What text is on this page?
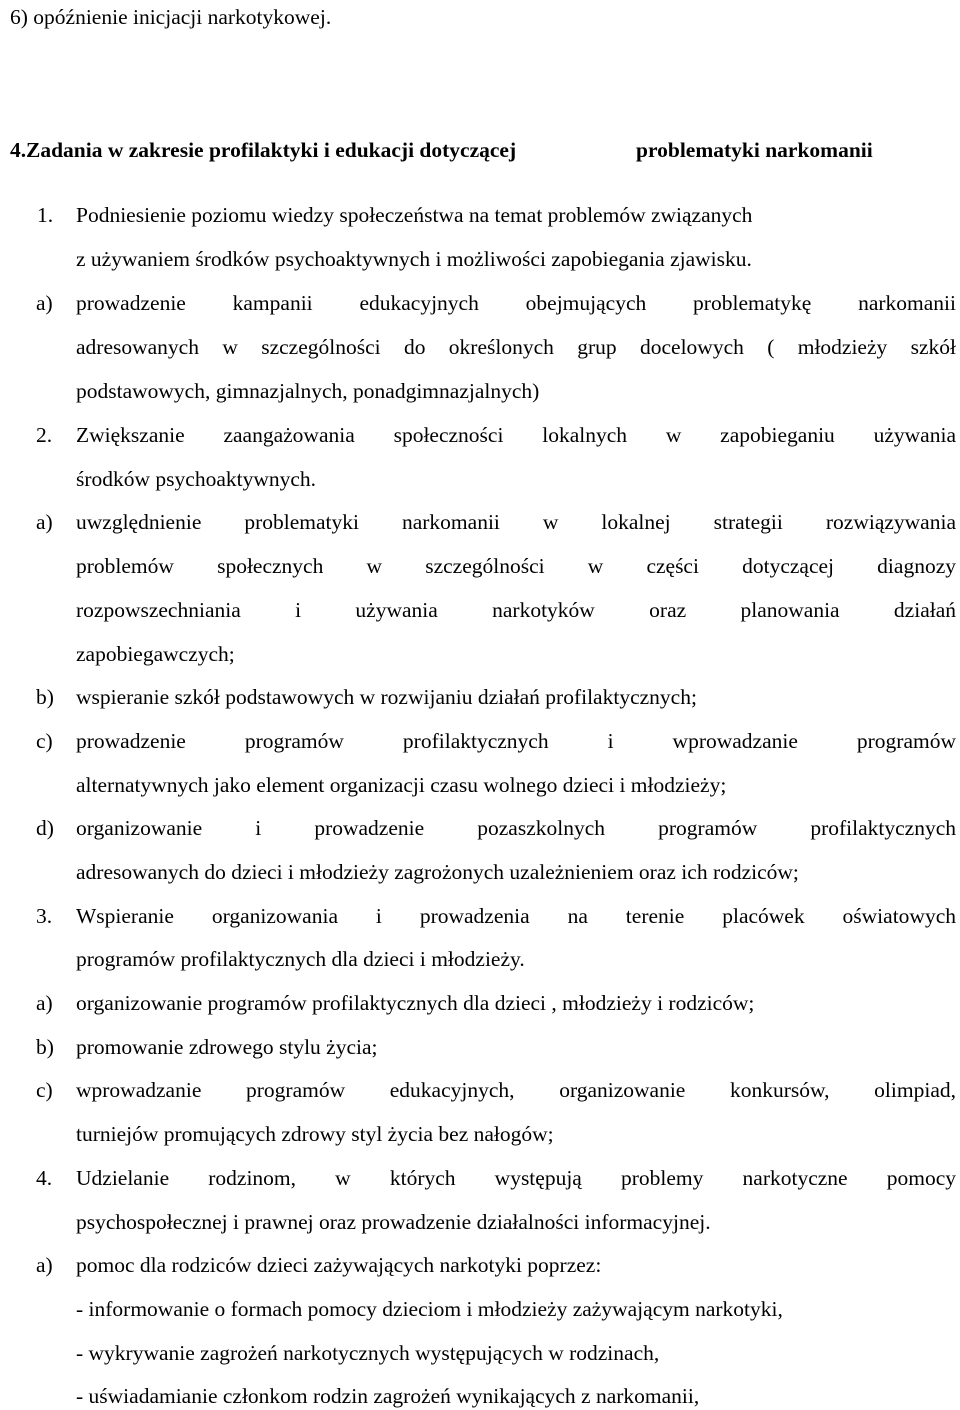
6) opóźnienie inicjacji narkotykowej.
4. Zadania w zakresie profilaktyki i edukacji dotyczącej	problematyki narkomanii
1. Podniesienie poziomu wiedzy społeczeństwa na temat problemów związanych
z używaniem środków psychoaktywnych i możliwości zapobiegania zjawisku.
a) prowadzenie kampanii edukacyjnych obejmujących problematykę narkomanii
adresowanych w szczególności do określonych grup docelowych ( młodzieży szkół
podstawowych, gimnazjalnych, ponadgimnazjalnych)
2. Zwiększanie zaangażowania społeczności lokalnych w zapobieganiu używania
środków psychoaktywnych.
a) uwzględnienie problematyki narkomanii w lokalnej strategii rozwiązywania
problemów społecznych w szczególności w części dotyczącej diagnozy
rozpowszechniania i używania narkotyków oraz planowania działań
zapobiegawczych;
b) wspieranie szkół podstawowych w rozwijaniu działań profilaktycznych;
c) prowadzenie programów profilaktycznych i wprowadzanie programów
alternatywnych jako element organizacji czasu wolnego dzieci i młodzieży;
d) organizowanie i prowadzenie pozaszkolnych programów profilaktycznych
adresowanych do dzieci i młodzieży zagrożonych uzależnieniem oraz ich rodziców;
3. Wspieranie organizowania i prowadzenia na terenie placówek oświatowych
programów profilaktycznych dla dzieci i młodzieży.
a) organizowanie programów profilaktycznych dla dzieci , młodzieży i rodziców;
b) promowanie zdrowego stylu życia;
c) wprowadzanie programów edukacyjnych, organizowanie konkursów, olimpiad,
turniejów promujących zdrowy styl życia bez nałogów;
4. Udzielanie rodzinom, w których występują problemy narkotyczne pomocy
psychospołecznej i prawnej oraz prowadzenie działalności informacyjnej.
a) pomoc dla rodziców dzieci zażywających narkotyki poprzez:
- informowanie o formach pomocy dzieciom i młodzieży zażywającym narkotyki,
- wykrywanie zagrożeń narkotycznych występujących w rodzinach,
- uświadamianie członkom rodzin zagrożeń wynikających z narkomanii,
